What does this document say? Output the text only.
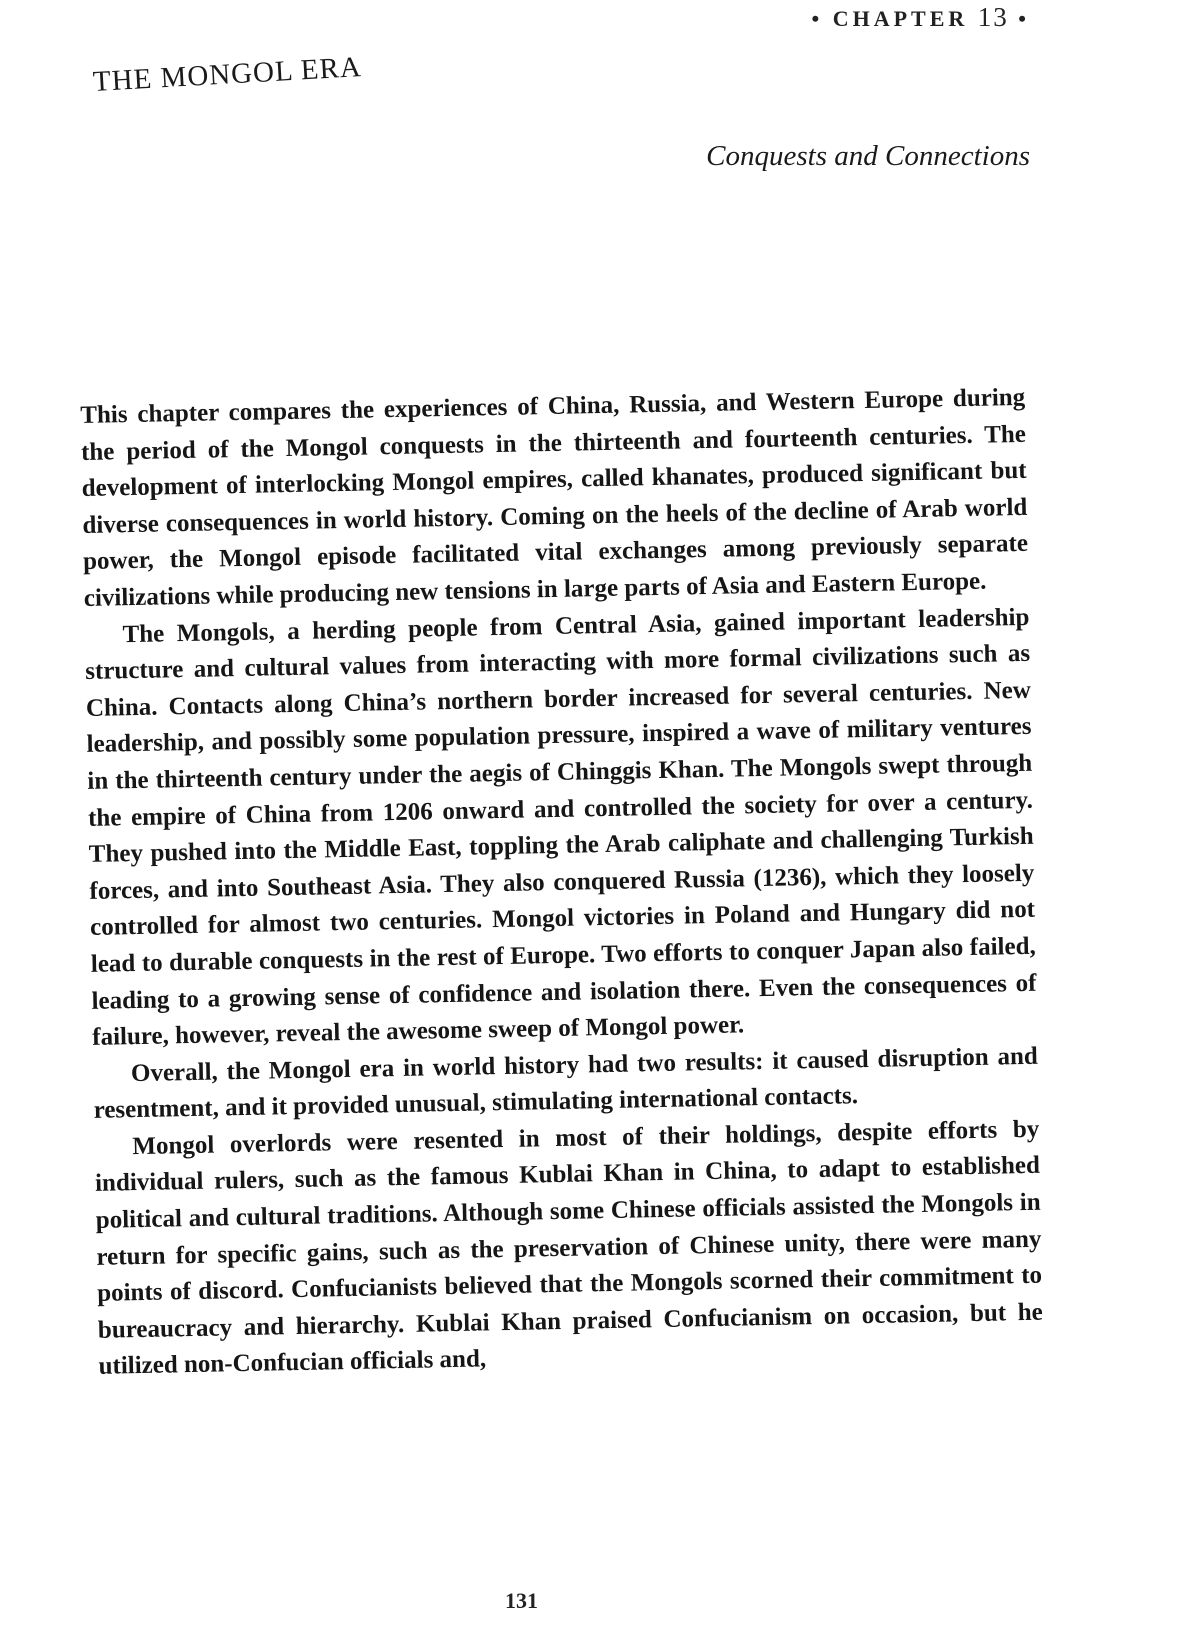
• CHAPTER 13 •
THE MONGOL ERA
Conquests and Connections

This chapter compares the experiences of China, Russia, and Western Europe during the period of the Mongol conquests in the thirteenth and fourteenth centuries. The development of interlocking Mongol empires, called khanates, produced significant but diverse consequences in world history. Coming on the heels of the decline of Arab world power, the Mongol episode facilitated vital exchanges among previously separate civilizations while producing new tensions in large parts of Asia and Eastern Europe.

The Mongols, a herding people from Central Asia, gained important leadership structure and cultural values from interacting with more formal civilizations such as China. Contacts along China’s northern border increased for several centuries. New leadership, and possibly some population pressure, inspired a wave of military ventures in the thirteenth century under the aegis of Chinggis Khan. The Mongols swept through the empire of China from 1206 onward and controlled the society for over a century. They pushed into the Middle East, toppling the Arab caliphate and challenging Turkish forces, and into Southeast Asia. They also conquered Russia (1236), which they loosely controlled for almost two centuries. Mongol victories in Poland and Hungary did not lead to durable conquests in the rest of Europe. Two efforts to conquer Japan also failed, leading to a growing sense of confidence and isolation there. Even the consequences of failure, however, reveal the awesome sweep of Mongol power.

Overall, the Mongol era in world history had two results: it caused disruption and resentment, and it provided unusual, stimulating international contacts.

Mongol overlords were resented in most of their holdings, despite efforts by individual rulers, such as the famous Kublai Khan in China, to adapt to established political and cultural traditions. Although some Chinese officials assisted the Mongols in return for specific gains, such as the preservation of Chinese unity, there were many points of discord. Confucianists believed that the Mongols scorned their commitment to bureaucracy and hierarchy. Kublai Khan praised Confucianism on occasion, but he utilized non-Confucian officials and,

131
